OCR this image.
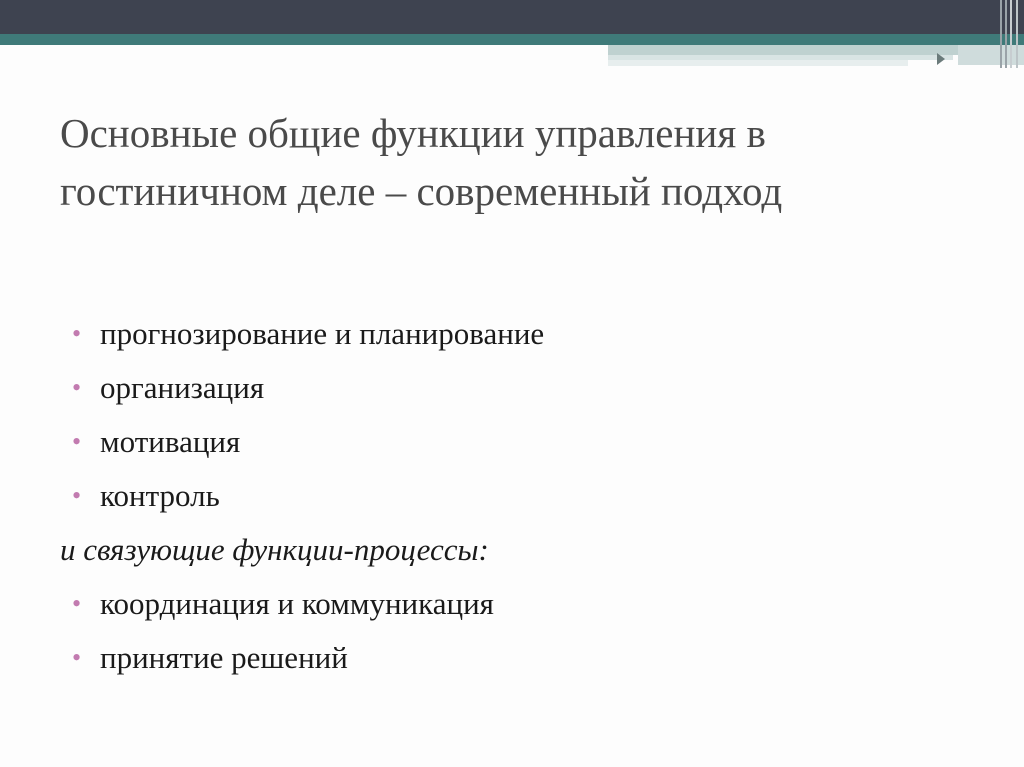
Основные общие функции управления в гостиничном деле – современный подход
• прогнозирование и планирование
• организация
• мотивация
• контроль
и связующие функции-процессы:
• координация и коммуникация
• принятие решений
